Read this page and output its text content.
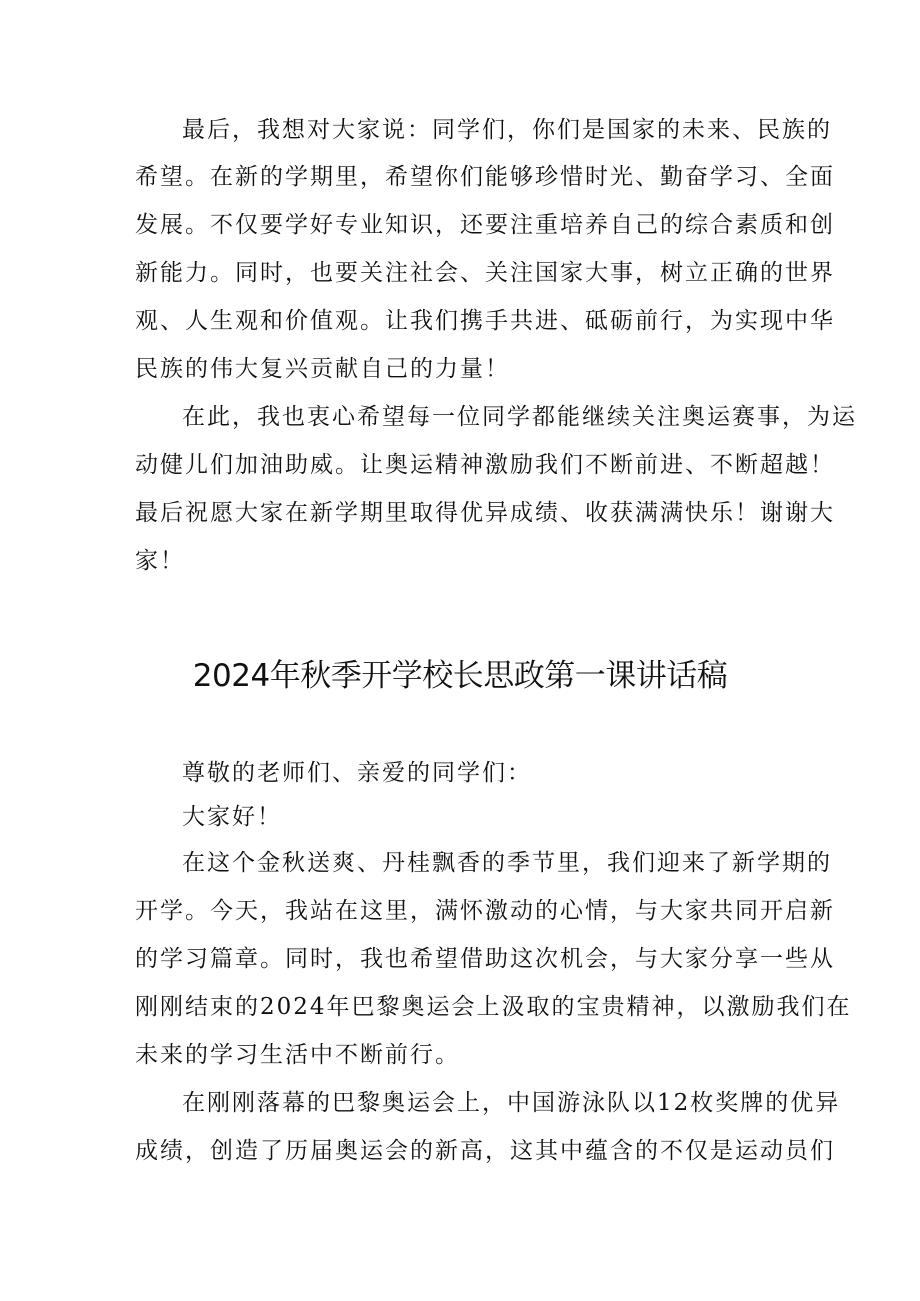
最后，我想对大家说：同学们，你们是国家的未来、民族的
希望。在新的学期里，希望你们能够珍惜时光、勤奋学习、全面
发展。不仅要学好专业知识，还要注重培养自己的综合素质和创
新能力。同时，也要关注社会、关注国家大事，树立正确的世界
观、人生观和价值观。让我们携手共进、砥砺前行，为实现中华
民族的伟大复兴贡献自己的力量！
在此，我也衷心希望每一位同学都能继续关注奥运赛事，为运
动健儿们加油助威。让奥运精神激励我们不断前进、不断超越！
最后祝愿大家在新学期里取得优异成绩、收获满满快乐！谢谢大
家！
2024年秋季开学校长思政第一课讲话稿
尊敬的老师们、亲爱的同学们：
大家好！
在这个金秋送爽、丹桂飘香的季节里，我们迎来了新学期的
开学。今天，我站在这里，满怀激动的心情，与大家共同开启新
的学习篇章。同时，我也希望借助这次机会，与大家分享一些从
刚刚结束的2024年巴黎奥运会上汲取的宝贵精神，以激励我们在
未来的学习生活中不断前行。
在刚刚落幕的巴黎奥运会上，中国游泳队以12枚奖牌的优异
成绩，创造了历届奥运会的新高，这其中蕴含的不仅是运动员们
